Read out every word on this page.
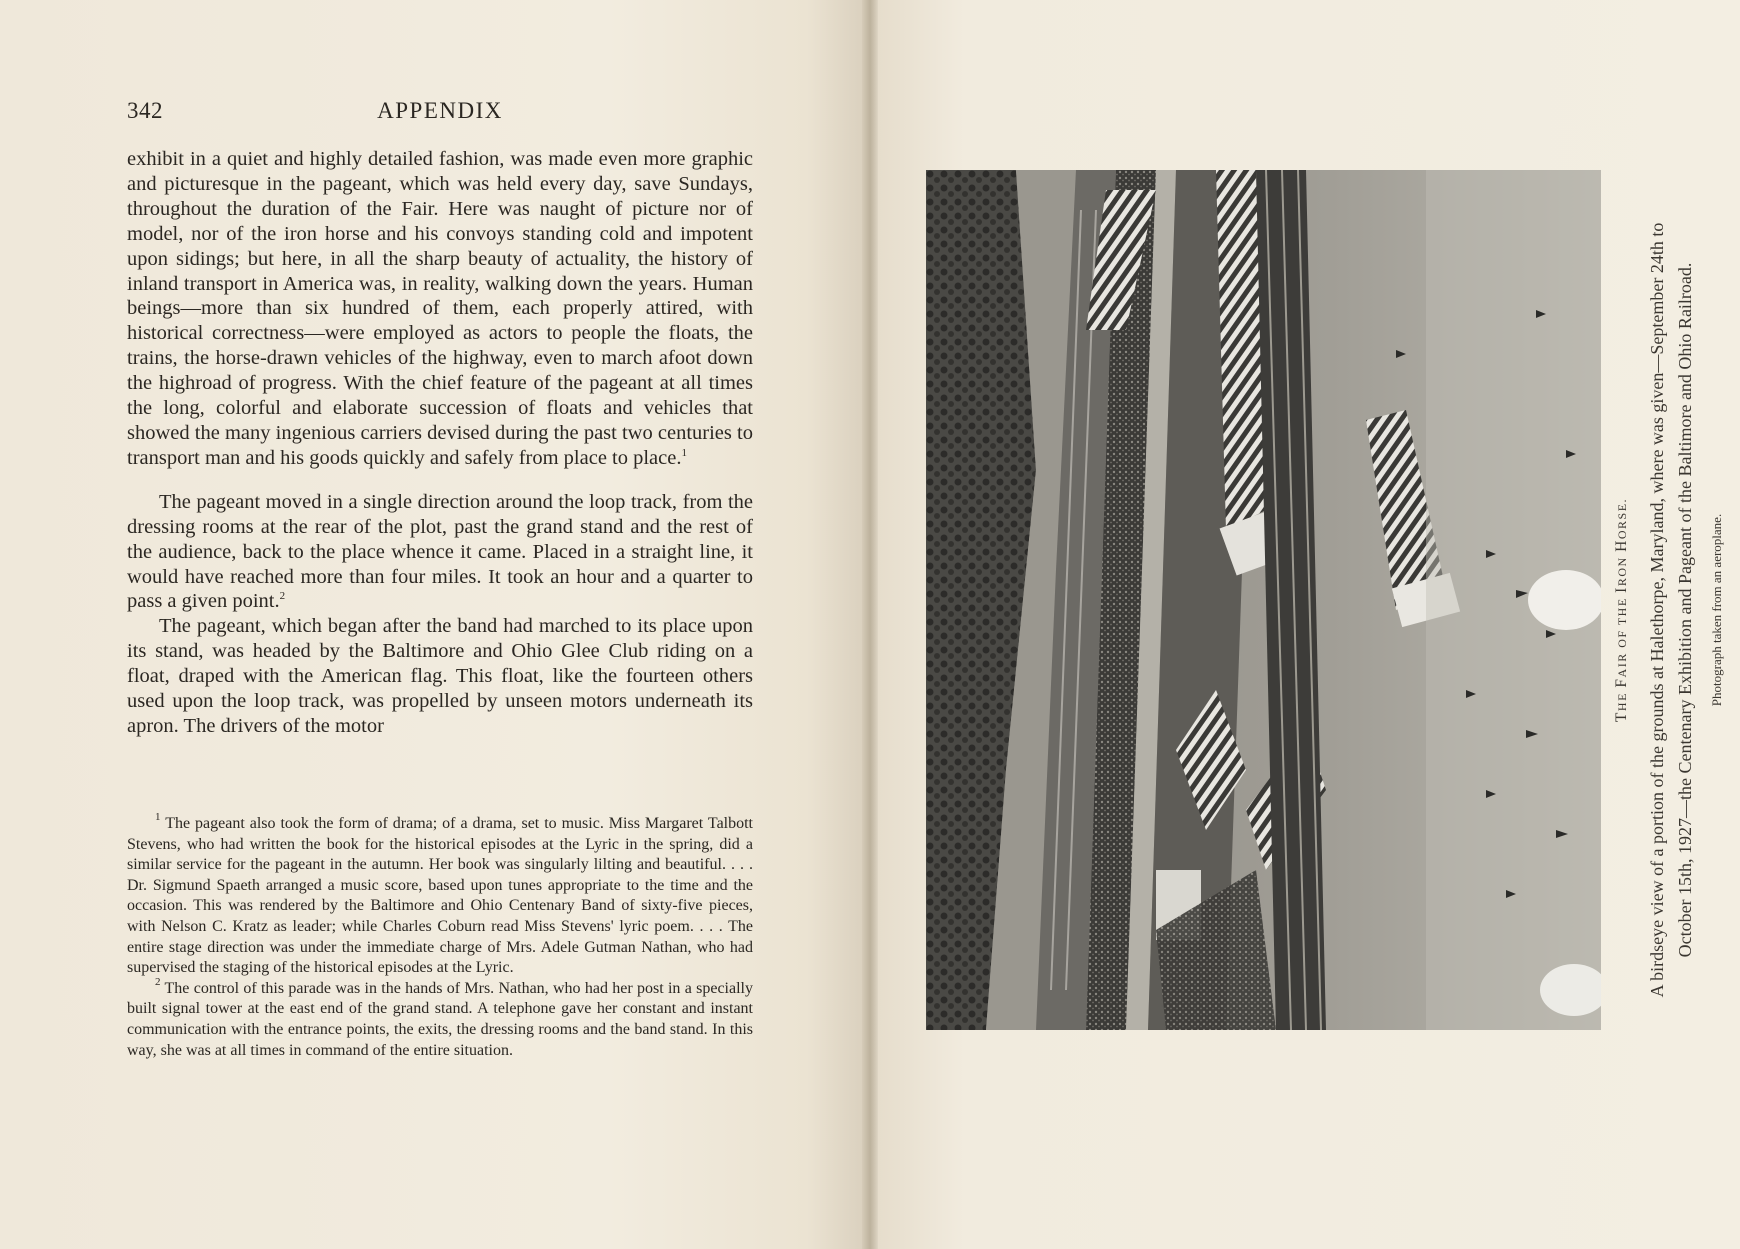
342	APPENDIX

exhibit in a quiet and highly detailed fashion, was made even more graphic and picturesque in the pageant, which was held every day, save Sundays, throughout the duration of the Fair. Here was naught of picture nor of model, nor of the iron horse and his convoys standing cold and impotent upon sidings; but here, in all the sharp beauty of actuality, the history of inland transport in America was, in reality, walking down the years. Human beings—more than six hundred of them, each properly attired, with historical correctness—were employed as actors to people the floats, the trains, the horse-drawn vehicles of the highway, even to march afoot down the highroad of progress. With the chief feature of the pageant at all times the long, colorful and elaborate succession of floats and vehicles that showed the many ingenious carriers devised during the past two centuries to transport man and his goods quickly and safely from place to place.$^1$

The pageant moved in a single direction around the loop track, from the dressing rooms at the rear of the plot, past the grand stand and the rest of the audience, back to the place whence it came. Placed in a straight line, it would have reached more than four miles. It took an hour and a quarter to pass a given point.$^2$

The pageant, which began after the band had marched to its place upon its stand, was headed by the Baltimore and Ohio Glee Club riding on a float, draped with the American flag. This float, like the fourteen others used upon the loop track, was propelled by unseen motors underneath its apron. The drivers of the motor

$^1$ The pageant also took the form of drama; of a drama, set to music. Miss Margaret Talbott Stevens, who had written the book for the historical episodes at the Lyric in the spring, did a similar service for the pageant in the autumn. Her book was singularly lilting and beautiful. . . . Dr. Sigmund Spaeth arranged a music score, based upon tunes appropriate to the time and the occasion. This was rendered by the Baltimore and Ohio Centenary Band of sixty-five pieces, with Nelson C. Kratz as leader; while Charles Coburn read Miss Stevens' lyric poem. . . . The entire stage direction was under the immediate charge of Mrs. Adele Gutman Nathan, who had supervised the staging of the historical episodes at the Lyric.

$^2$ The control of this parade was in the hands of Mrs. Nathan, who had her post in a specially built signal tower at the east end of the grand stand. A telephone gave her constant and instant communication with the entrance points, the exits, the dressing rooms and the band stand. In this way, she was at all times in command of the entire situation.

THE FAIR OF THE IRON HORSE. A birdseye view of a portion of the grounds at Halethorpe, Maryland, where was given—September 24th to October 15th, 1927—the Centenary Exhibition and Pageant of the Baltimore and Ohio Railroad.	Photograph taken from an aeroplane.
